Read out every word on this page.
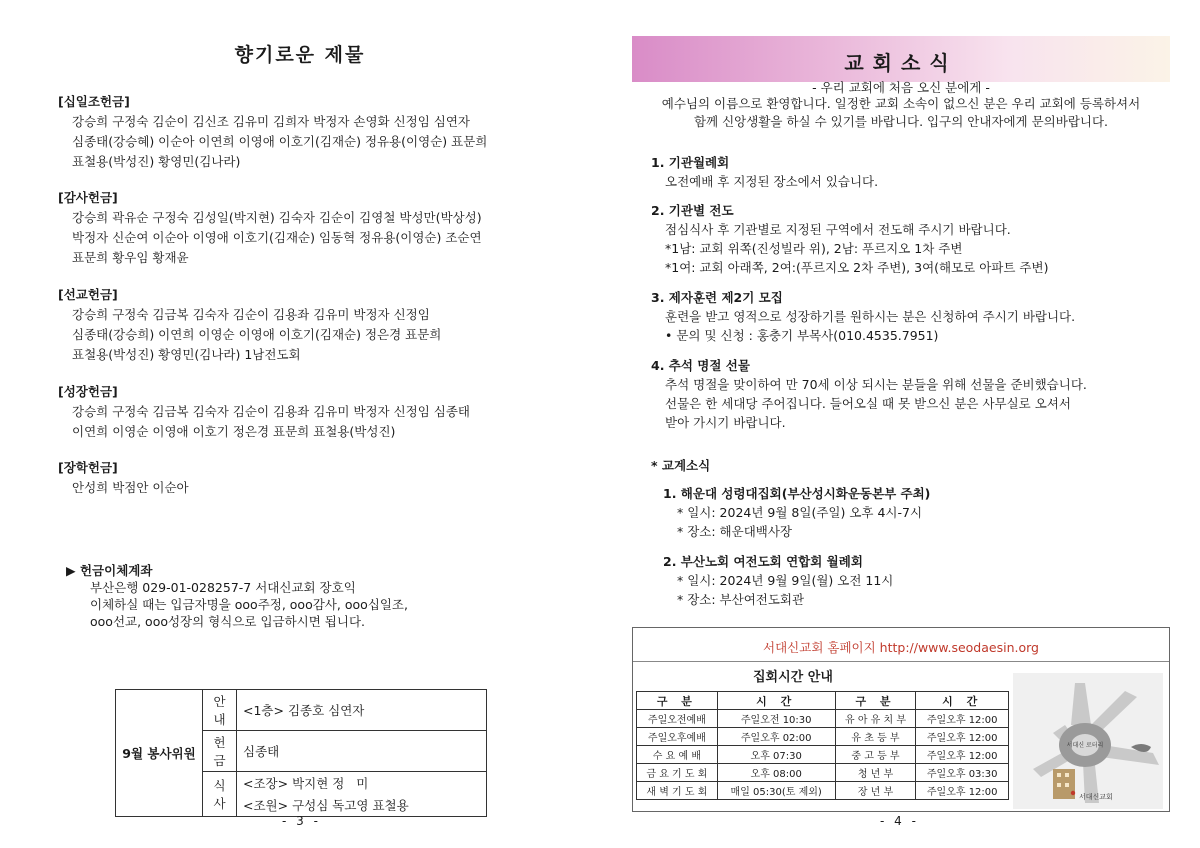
향기로운 제물
[십일조헌금]
강승희 구정숙 김순이 김신조 김유미 김희자 박정자 손영화 신정임 심연자
심종태(강승혜) 이순아 이연희 이영애 이호기(김재순) 정유용(이영순) 표문희
표철용(박성진) 황영민(김나라)
[감사헌금]
강승희 곽유순 구정숙 김성일(박지현) 김숙자 김순이 김영철 박성만(박상성)
박정자 신순여 이순아 이영애 이호기(김재순) 임동혁 정유용(이영순) 조순연
표문희 황우임 황재윤
[선교헌금]
강승희 구정숙 김금복 김숙자 김순이 김용좌 김유미 박정자 신정임
심종태(강승희) 이연희 이영순 이영애 이호기(김재순) 정은경 표문희
표철용(박성진) 황영민(김나라) 1남전도회
[성장헌금]
강승희 구정숙 김금복 김숙자 김순이 김용좌 김유미 박정자 신정임 심종태
이연희 이영순 이영애 이호기 정은경 표문희 표철용(박성진)
[장학헌금]
안성희 박점안 이순아
▶ 헌금이체계좌
부산은행 029-01-028257-7 서대신교회 장호익
이체하실 때는 입금자명을 ooo주정, ooo감사, ooo십일조,
ooo선교, ooo성장의 형식으로 입금하시면 됩니다.
9월 봉사위원	안내	<1층> 김종호 심연자
	헌금	심종태
	식사	<조장> 박지현 정   미
		<조원> 구성심 독고영 표철용
- 3 -
교회소식
- 우리 교회에 처음 오신 분에게 -
예수님의 이름으로 환영합니다. 일정한 교회 소속이 없으신 분은 우리 교회에 등록하셔서
함께 신앙생활을 하실 수 있기를 바랍니다. 입구의 안내자에게 문의바랍니다.
1. 기관월례회
오전예배 후 지정된 장소에서 있습니다.
2. 기관별 전도
점심식사 후 기관별로 지정된 구역에서 전도해 주시기 바랍니다.
*1남: 교회 위쪽(진성빌라 위), 2남: 푸르지오 1차 주변
*1여: 교회 아래쪽, 2여:(푸르지오 2차 주변), 3여(해모로 아파트 주변)
3. 제자훈련 제2기 모집
훈련을 받고 영적으로 성장하기를 원하시는 분은 신청하여 주시기 바랍니다.
• 문의 및 신청 : 홍충기 부목사(010.4535.7951)
4. 추석 명절 선물
추석 명절을 맞이하여 만 70세 이상 되시는 분들을 위해 선물을 준비했습니다.
선물은 한 세대당 주어집니다. 들어오실 때 못 받으신 분은 사무실로 오셔서
받아 가시기 바랍니다.
* 교계소식
1. 해운대 성령대집회(부산성시화운동본부 주최)
* 일시: 2024년 9월 8일(주일) 오후 4시-7시
* 장소: 해운대백사장
2. 부산노회 여전도회 연합회 월례회
* 일시: 2024년 9월 9일(월) 오전 11시
* 장소: 부산여전도회관
서대신교회 홈페이지 http://www.seodaesin.org
집회시간 안내
구 분	시 간	구 분	시 간
주일오전예배	주일오전 10:30	유 아 유 치 부	주일오후 12:00
주일오후예배	주일오후 02:00	유 초 등 부	주일오후 12:00
수 요 예 배	오후 07:30	중 고 등 부	주일오후 12:00
금 요 기 도 회	오후 08:00	청 년 부	주일오후 03:30
새 벽 기 도 회	매일 05:30(토 제외)	장 년 부	주일오후 12:00
서대신 로터리
서대신교회
- 4 -
